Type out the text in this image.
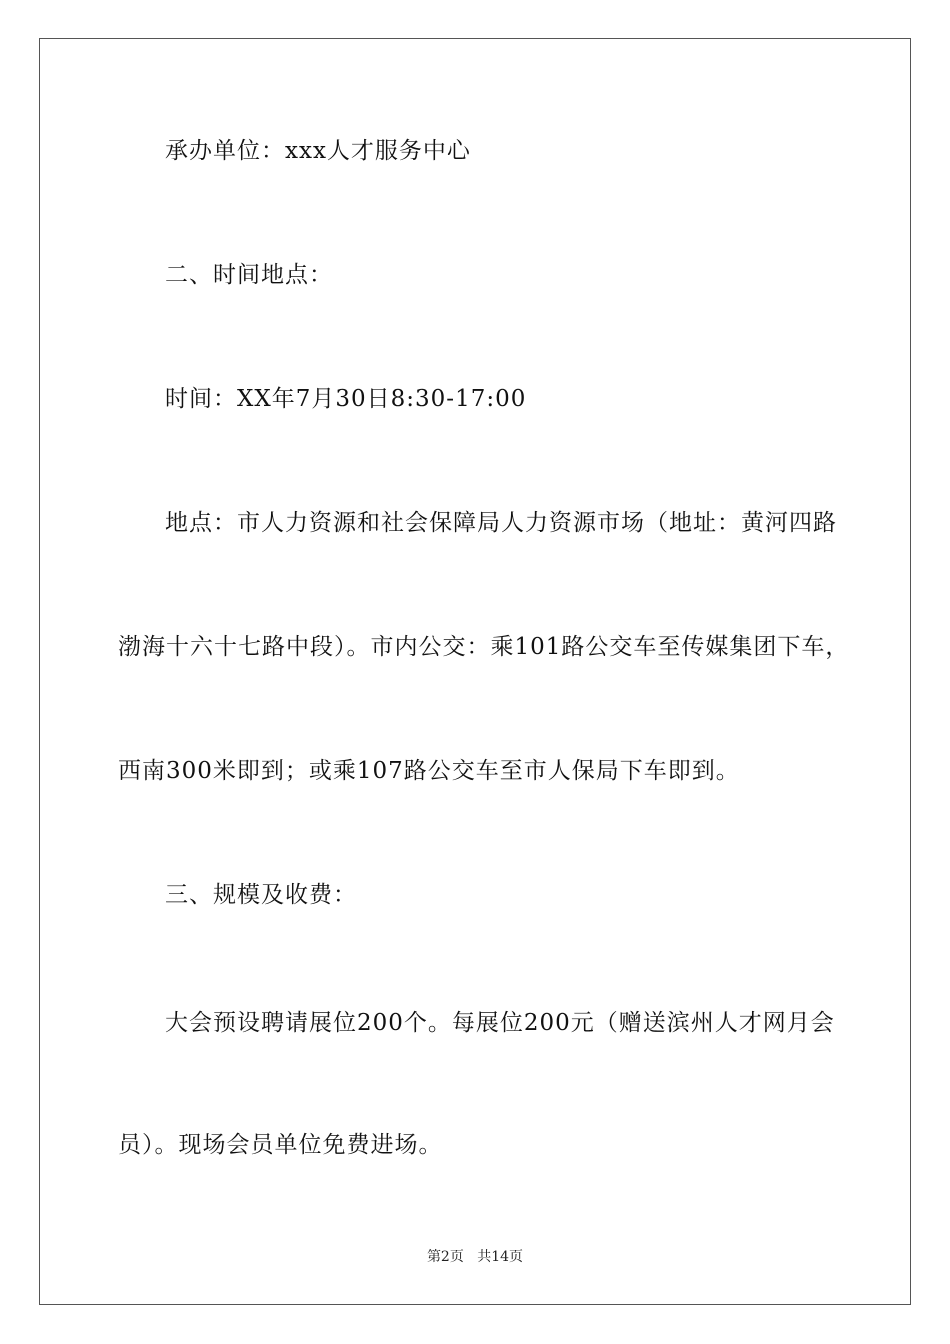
承办单位：xxx人才服务中心
二、时间地点：
时间：XX年7月30日8:30-17:00
地点：市人力资源和社会保障局人力资源市场（地址：黄河四路
渤海十六十七路中段）。市内公交：乘101路公交车至传媒集团下车，
西南300米即到；或乘107路公交车至市人保局下车即到。
三、规模及收费：
大会预设聘请展位200个。每展位200元（赠送滨州人才网月会
员）。现场会员单位免费进场。
第2页 共14页
